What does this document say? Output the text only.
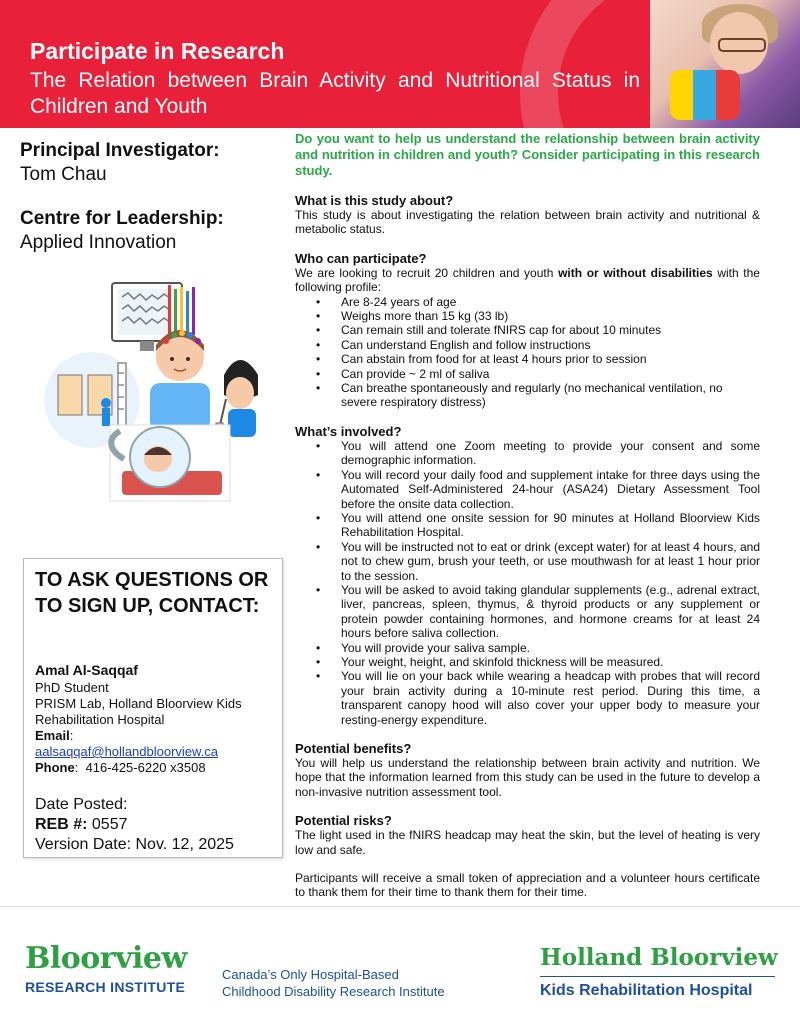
Participate in Research
The Relation between Brain Activity and Nutritional Status in Children and Youth

Principal Investigator:

Tom Chau

Centre for Leadership:

Applied Innovation

TO ASK QUESTIONS OR TO SIGN UP, CONTACT:
Amal Al-Saqqaf
PhD Student
PRISM Lab, Holland Bloorview Kids Rehabilitation Hospital
Email:
aalsaqqaf@hollandbloorview.ca
Phone:  416-425-6220 x3508
Date Posted:
REB #: 0557
Version Date: Nov. 12, 2025

Do you want to help us understand the relationship between brain activity and nutrition in children and youth? Consider participating in this research study.

What is this study about?

This study is about investigating the relation between brain activity and nutritional & metabolic status.

Who can participate?

We are looking to recruit 20 children and youth with or without disabilities with the following profile:

• Are 8-24 years of age
• Weighs more than 15 kg (33 lb)
• Can remain still and tolerate fNIRS cap for about 10 minutes
• Can understand English and follow instructions
• Can abstain from food for at least 4 hours prior to session
• Can provide ~ 2 ml of saliva
• Can breathe spontaneously and regularly (no mechanical ventilation, no severe respiratory distress)
What’s involved?
• You will attend one Zoom meeting to provide your consent and some demographic information.
• You will record your daily food and supplement intake for three days using the Automated Self-Administered 24-hour (ASA24) Dietary Assessment Tool before the onsite data collection.
• You will attend one onsite session for 90 minutes at Holland Bloorview Kids Rehabilitation Hospital.
• You will be instructed not to eat or drink (except water) for at least 4 hours, and not to chew gum, brush your teeth, or use mouthwash for at least 1 hour prior to the session.
• You will be asked to avoid taking glandular supplements (e.g., adrenal extract, liver, pancreas, spleen, thymus, & thyroid products or any supplement or protein powder containing hormones, and hormone creams for at least 24 hours before saliva collection.
• You will provide your saliva sample.
• Your weight, height, and skinfold thickness will be measured.
• You will lie on your back while wearing a headcap with probes that will record your brain activity during a 10-minute rest period. During this time, a transparent canopy hood will also cover your upper body to measure your resting-energy expenditure.
Potential benefits?

You will help us understand the relationship between brain activity and nutrition. We hope that the information learned from this study can be used in the future to develop a non-invasive nutrition assessment tool.

Potential risks?

The light used in the fNIRS headcap may heat the skin, but the level of heating is very low and safe.

Participants will receive a small token of appreciation and a volunteer hours certificate to thank them for their time to thank them for their time.

Bloorview
RESEARCH INSTITUTE
Canada’s Only Hospital-Based
Childhood Disability Research Institute
Holland Bloorview
Kids Rehabilitation Hospital
